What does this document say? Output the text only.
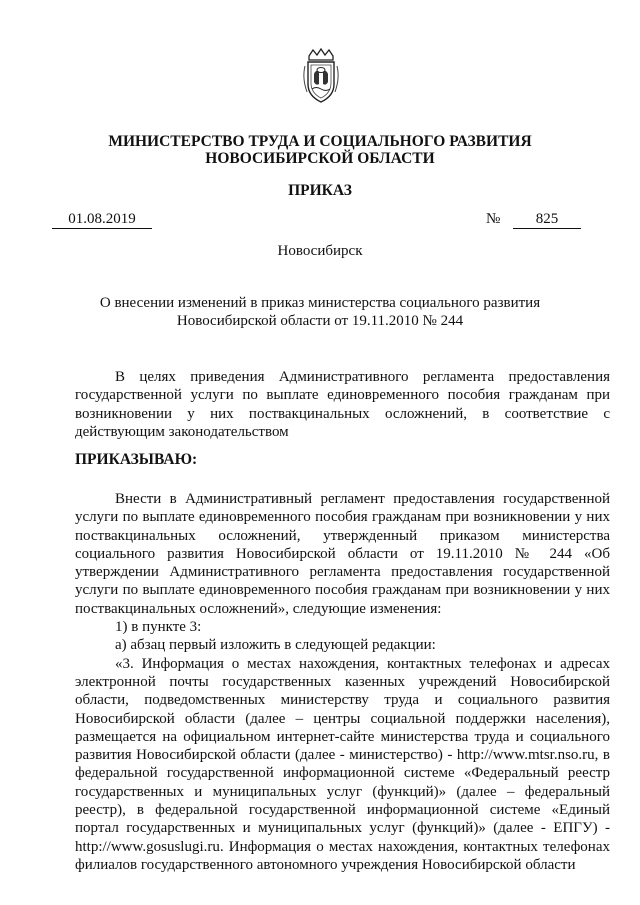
МИНИСТЕРСТВО ТРУДА И СОЦИАЛЬНОГО РАЗВИТИЯ
НОВОСИБИРСКОЙ ОБЛАСТИ
ПРИКАЗ
01.08.2019	№	825
Новосибирск
О внесении изменений в приказ министерства социального развития
Новосибирской области от 19.11.2010 № 244
В целях приведения Административного регламента предоставления государственной услуги по выплате единовременного пособия гражданам при возникновении у них поствакцинальных осложнений, в соответствие с действующим законодательством
ПРИКАЗЫВАЮ:

Внести в Административный регламент предоставления государственной услуги по выплате единовременного пособия гражданам при возникновении у них поствакцинальных осложнений, утвержденный приказом министерства социального развития Новосибирской области от 19.11.2010 № 244 «Об утверждении Административного регламента предоставления государственной услуги по выплате единовременного пособия гражданам при возникновении у них поствакцинальных осложнений», следующие изменения:

1) в пункте 3:

а) абзац первый изложить в следующей редакции:

«3. Информация о местах нахождения, контактных телефонах и адресах электронной почты государственных казенных учреждений Новосибирской области, подведомственных министерству труда и социального развития Новосибирской области (далее – центры социальной поддержки населения), размещается на официальном интернет-сайте министерства труда и социального развития Новосибирской области (далее - министерство) - http://www.mtsr.nso.ru, в федеральной государственной информационной системе «Федеральный реестр государственных и муниципальных услуг (функций)» (далее – федеральный реестр), в федеральной государственной информационной системе «Единый портал государственных и муниципальных услуг (функций)» (далее - ЕПГУ) - http://www.gosuslugi.ru. Информация о местах нахождения, контактных телефонах филиалов государственного автономного учреждения Новосибирской области
